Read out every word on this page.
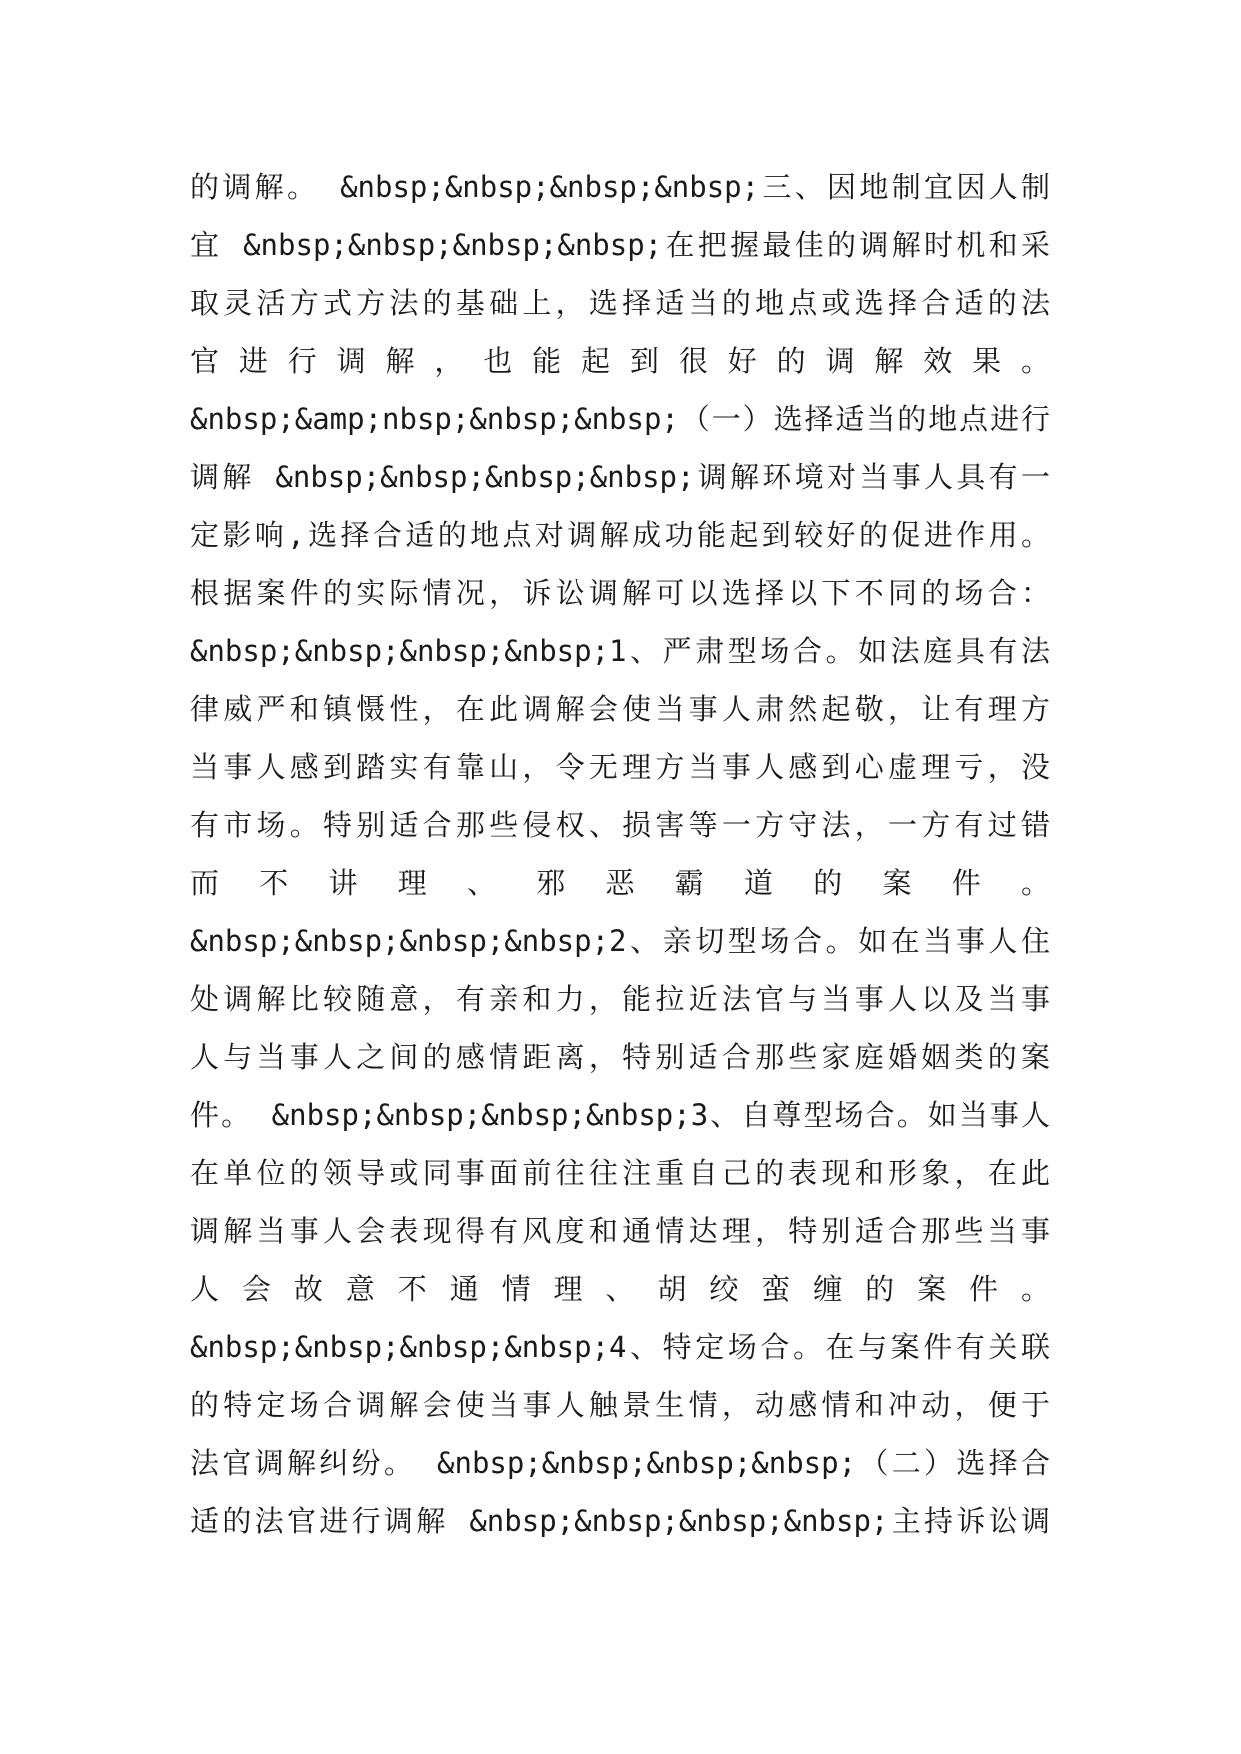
的调解。 &nbsp;&nbsp;&nbsp;&nbsp;三、因地制宜因人制
宜 &nbsp;&nbsp;&nbsp;&nbsp;在把握最佳的调解时机和采
取灵活方式方法的基础上，选择适当的地点或选择合适的法
官进行调解，也能起到很好的调解效果。
&nbsp;&amp;nbsp;&nbsp;&nbsp;（一）选择适当的地点进行
调解 &nbsp;&nbsp;&nbsp;&nbsp;调解环境对当事人具有一
定影响,选择合适的地点对调解成功能起到较好的促进作用。
根据案件的实际情况，诉讼调解可以选择以下不同的场合：
&nbsp;&nbsp;&nbsp;&nbsp;1、严肃型场合。如法庭具有法
律威严和镇慑性，在此调解会使当事人肃然起敬，让有理方
当事人感到踏实有靠山，令无理方当事人感到心虚理亏，没
有市场。特别适合那些侵权、损害等一方守法，一方有过错
而不讲理、邪恶霸道的案件。
&nbsp;&nbsp;&nbsp;&nbsp;2、亲切型场合。如在当事人住
处调解比较随意，有亲和力，能拉近法官与当事人以及当事
人与当事人之间的感情距离，特别适合那些家庭婚姻类的案
件。 &nbsp;&nbsp;&nbsp;&nbsp;3、自尊型场合。如当事人
在单位的领导或同事面前往往注重自己的表现和形象，在此
调解当事人会表现得有风度和通情达理，特别适合那些当事
人会故意不通情理、胡绞蛮缠的案件。
&nbsp;&nbsp;&nbsp;&nbsp;4、特定场合。在与案件有关联
的特定场合调解会使当事人触景生情，动感情和冲动，便于
法官调解纠纷。 &nbsp;&nbsp;&nbsp;&nbsp;（二）选择合
适的法官进行调解 &nbsp;&nbsp;&nbsp;&nbsp;主持诉讼调
